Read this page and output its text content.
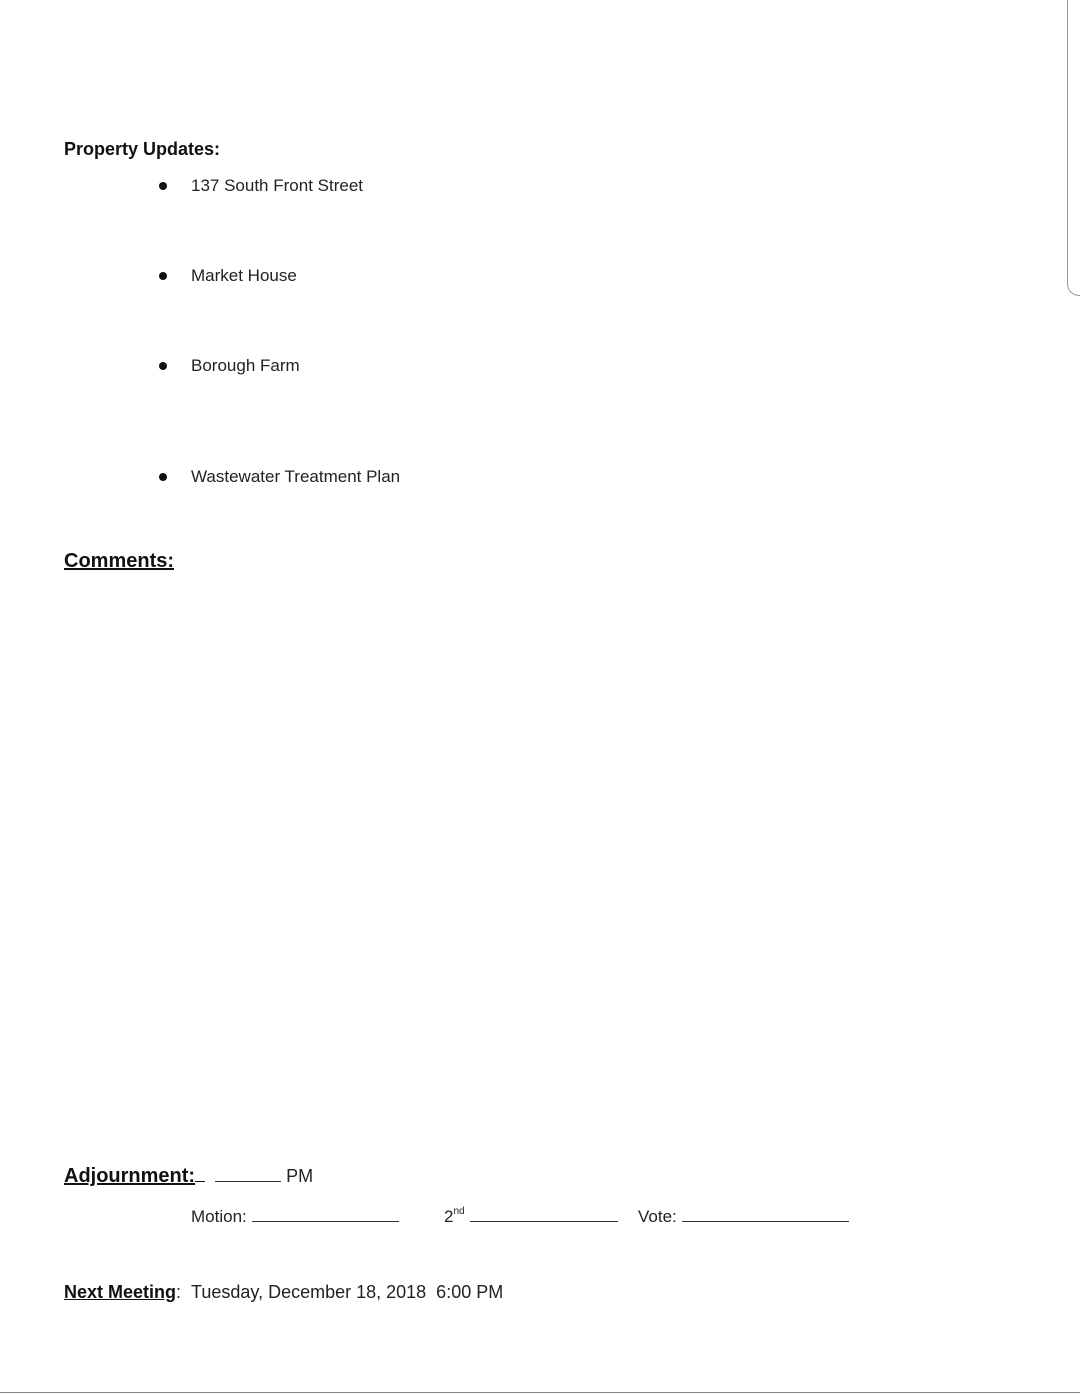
Property Updates:
137 South Front Street
Market House
Borough Farm
Wastewater Treatment Plan
Comments:
Adjournment:	PM
Motion:	2nd	Vote:
Next Meeting: Tuesday, December 18, 2018  6:00 PM
